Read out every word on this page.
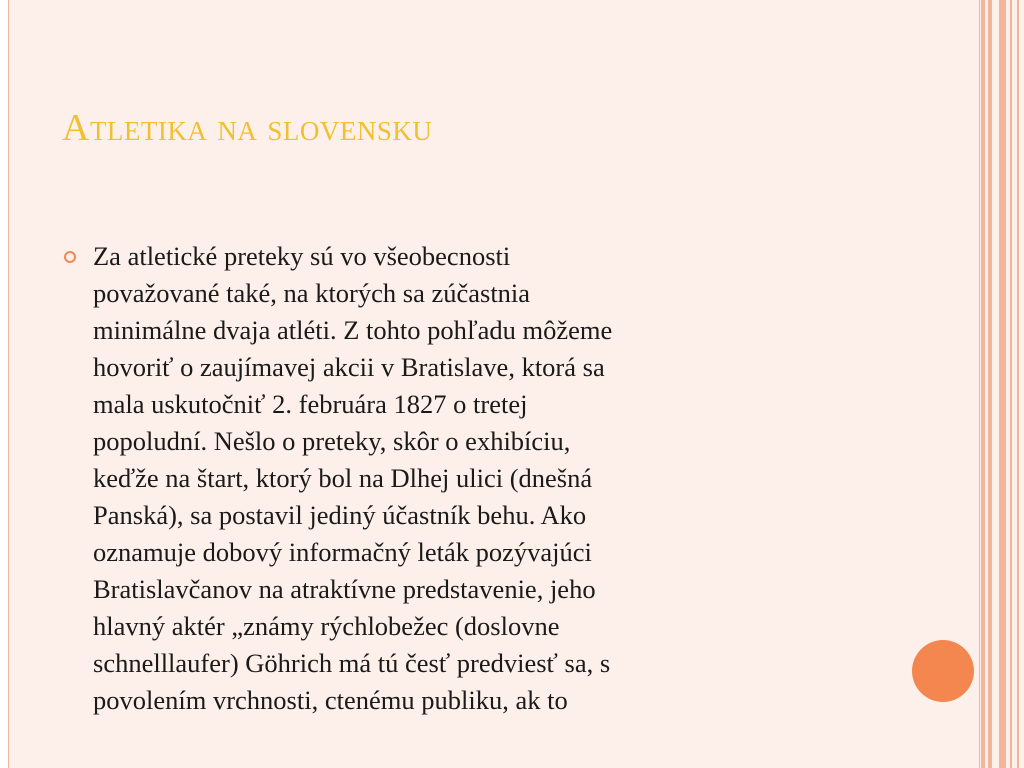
Atletika na slovensku
Za atletické preteky sú vo všeobecnosti
považované také, na ktorých sa zúčastnia
minimálne dvaja atléti. Z tohto pohľadu môžeme
hovoriť o zaujímavej akcii v Bratislave, ktorá sa
mala uskutočniť 2. februára 1827 o tretej
popoludní. Nešlo o preteky, skôr o exhibíciu,
keďže na štart, ktorý bol na Dlhej ulici (dnešná
Panská), sa postavil jediný účastník behu. Ako
oznamuje dobový informačný leták pozývajúci
Bratislavčanov na atraktívne predstavenie, jeho
hlavný aktér „známy rýchlobežec (doslovne
schnelllaufer) Göhrich má tú česť predviesť sa, s
povolením vrchnosti, ctenému publiku, ak to
